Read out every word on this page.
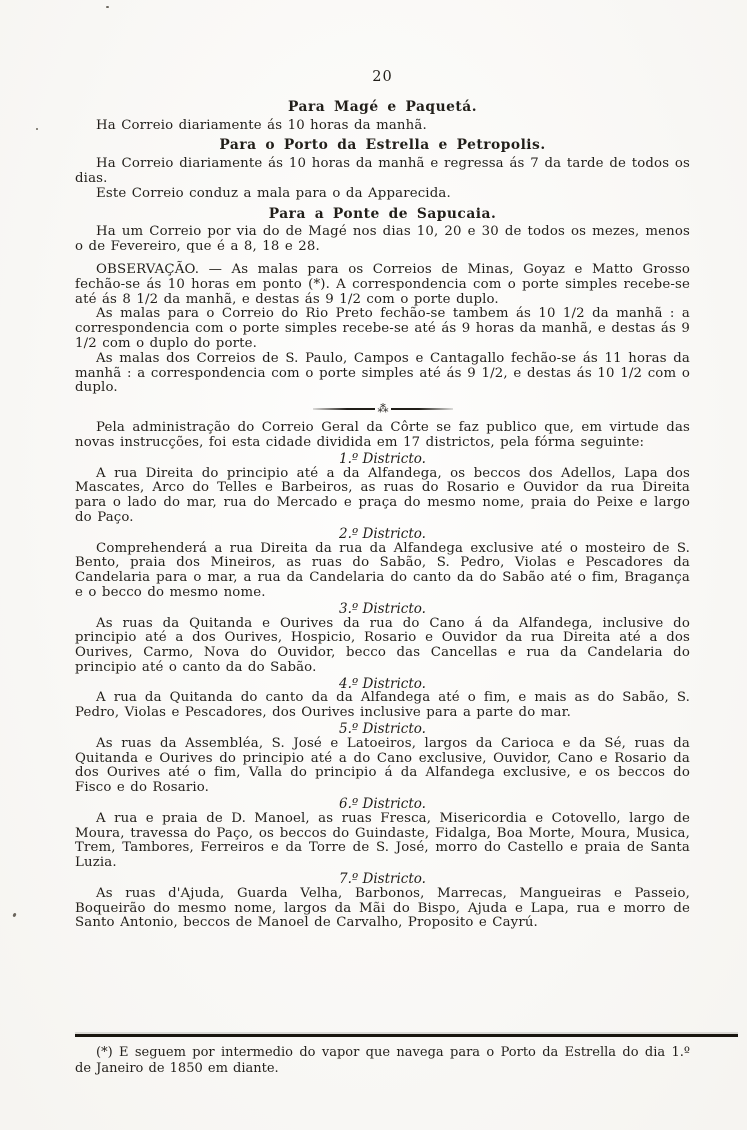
20
Para Magé e Paquetá.

Ha Correio diariamente ás 10 horas da manhã.

Para o Porto da Estrella e Petropolis.

Ha Correio diariamente ás 10 horas da manhã e regressa ás 7 da tarde de todos os dias.

Este Correio conduz a mala para o da Apparecida.

Para a Ponte de Sapucaia.

Ha um Correio por via do de Magé nos dias 10, 20 e 30 de todos os mezes, menos o de Fevereiro, que é a 8, 18 e 28.

OBSERVAÇÃO. — As malas para os Correios de Minas, Goyaz e Matto Grosso fechão-se ás 10 horas em ponto (*). A correspondencia com o porte simples recebe-se até ás 8 1/2 da manhã, e destas ás 9 1/2 com o porte duplo.

As malas para o Correio do Rio Preto fechão-se tambem ás 10 1/2 da manhã : a correspondencia com o porte simples recebe-se até ás 9 horas da manhã, e destas ás 9 1/2 com o duplo do porte.

As malas dos Correios de S. Paulo, Campos e Cantagallo fechão-se ás 11 horas da manhã : a correspondencia com o porte simples até ás 9 1/2, e destas ás 10 1/2 com o duplo.

⁂

Pela administração do Correio Geral da Côrte se faz publico que, em virtude das novas instrucções, foi esta cidade dividida em 17 districtos, pela fórma seguinte:

1.º Districto.

A rua Direita do principio até a da Alfandega, os beccos dos Adellos, Lapa dos Mascates, Arco do Telles e Barbeiros, as ruas do Rosario e Ouvidor da rua Direita para o lado do mar, rua do Mercado e praça do mesmo nome, praia do Peixe e largo do Paço.

2.º Districto.

Comprehenderá a rua Direita da rua da Alfandega exclusive até o mosteiro de S. Bento, praia dos Mineiros, as ruas do Sabão, S. Pedro, Violas e Pescadores da Candelaria para o mar, a rua da Candelaria do canto da do Sabão até o fim, Bragança e o becco do mesmo nome.

3.º Districto.

As ruas da Quitanda e Ourives da rua do Cano á da Alfandega, inclusive do principio até a dos Ourives, Hospicio, Rosario e Ouvidor da rua Direita até a dos Ourives, Carmo, Nova do Ouvidor, becco das Cancellas e rua da Candelaria do principio até o canto da do Sabão.

4.º Districto.

A rua da Quitanda do canto da da Alfandega até o fim, e mais as do Sabão, S. Pedro, Violas e Pescadores, dos Ourives inclusive para a parte do mar.

5.º Districto.

As ruas da Assembléa, S. José e Latoeiros, largos da Carioca e da Sé, ruas da Quitanda e Ourives do principio até a do Cano exclusive, Ouvidor, Cano e Rosario da dos Ourives até o fim, Valla do principio á da Alfandega exclusive, e os beccos do Fisco e do Rosario.

6.º Districto.

A rua e praia de D. Manoel, as ruas Fresca, Misericordia e Cotovello, largo de Moura, travessa do Paço, os beccos do Guindaste, Fidalga, Boa Morte, Moura, Musica, Trem, Tambores, Ferreiros e da Torre de S. José, morro do Castello e praia de Santa Luzia.

7.º Districto.

As ruas d'Ajuda, Guarda Velha, Barbonos, Marrecas, Mangueiras e Passeio, Boqueirão do mesmo nome, largos da Mãi do Bispo, Ajuda e Lapa, rua e morro de Santo Antonio, beccos de Manoel de Carvalho, Proposito e Cayrú.

(*) E seguem por intermedio do vapor que navega para o Porto da Estrella do dia 1.º de Janeiro de 1850 em diante.
